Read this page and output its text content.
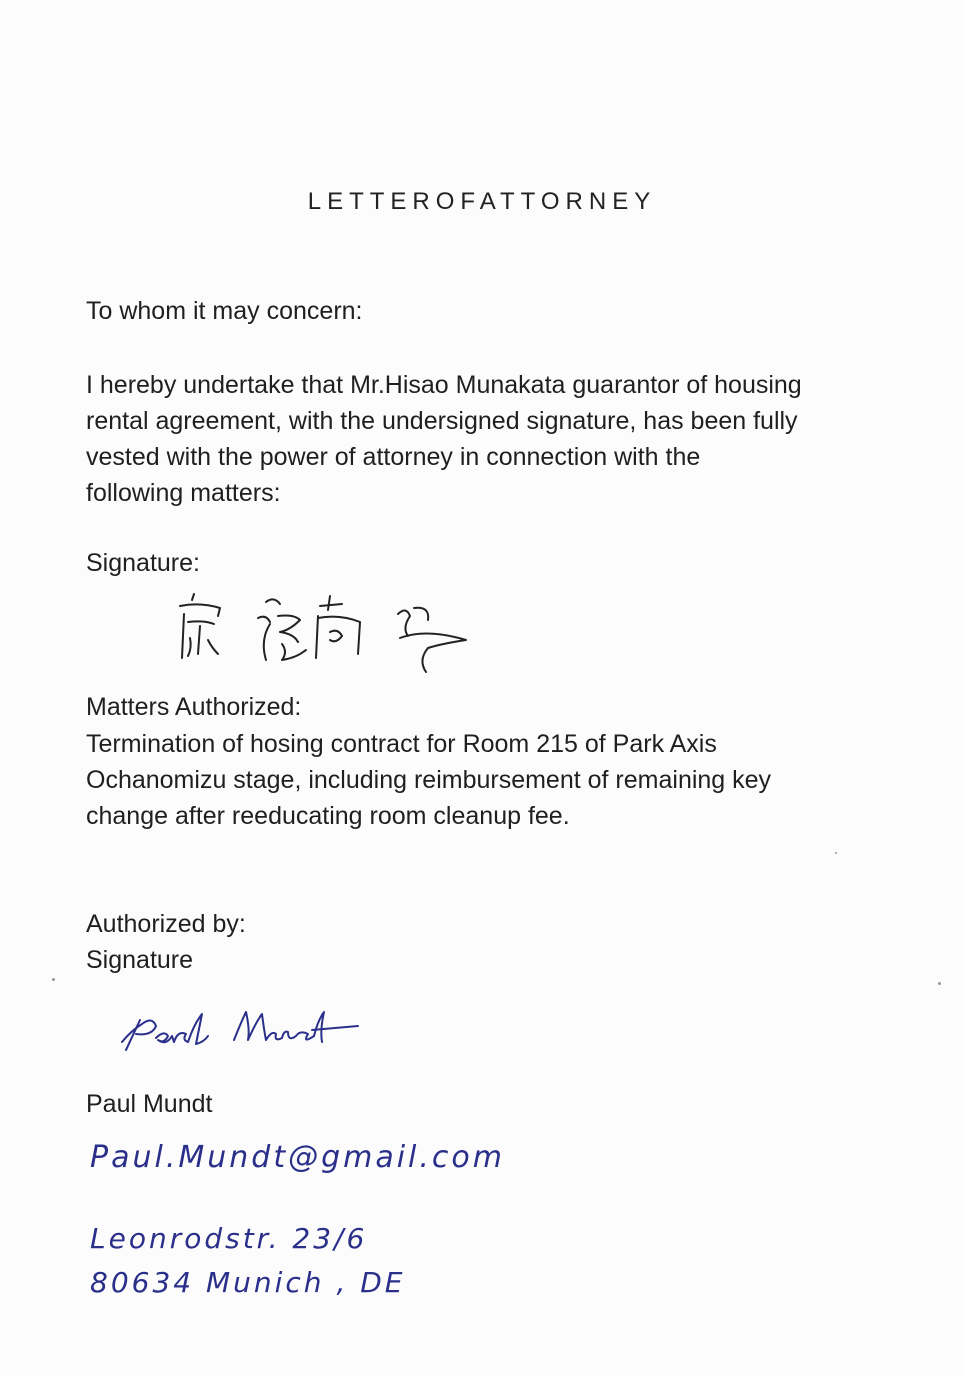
LETTEROFATTORNEY
To whom it may concern:
I hereby undertake that Mr.Hisao Munakata guarantor of housing
rental agreement, with the undersigned signature, has been fully
vested with the power of attorney in connection with the
following matters:
Signature:
Matters Authorized:
Termination of hosing contract for Room 215 of Park Axis
Ochanomizu stage, including reimbursement of remaining key
change after reeducating room cleanup fee.
Authorized by:
Signature
Paul Mundt
Paul.Mundt@gmail.com
Leonrodstr. 23/6
80634 Munich , DE
